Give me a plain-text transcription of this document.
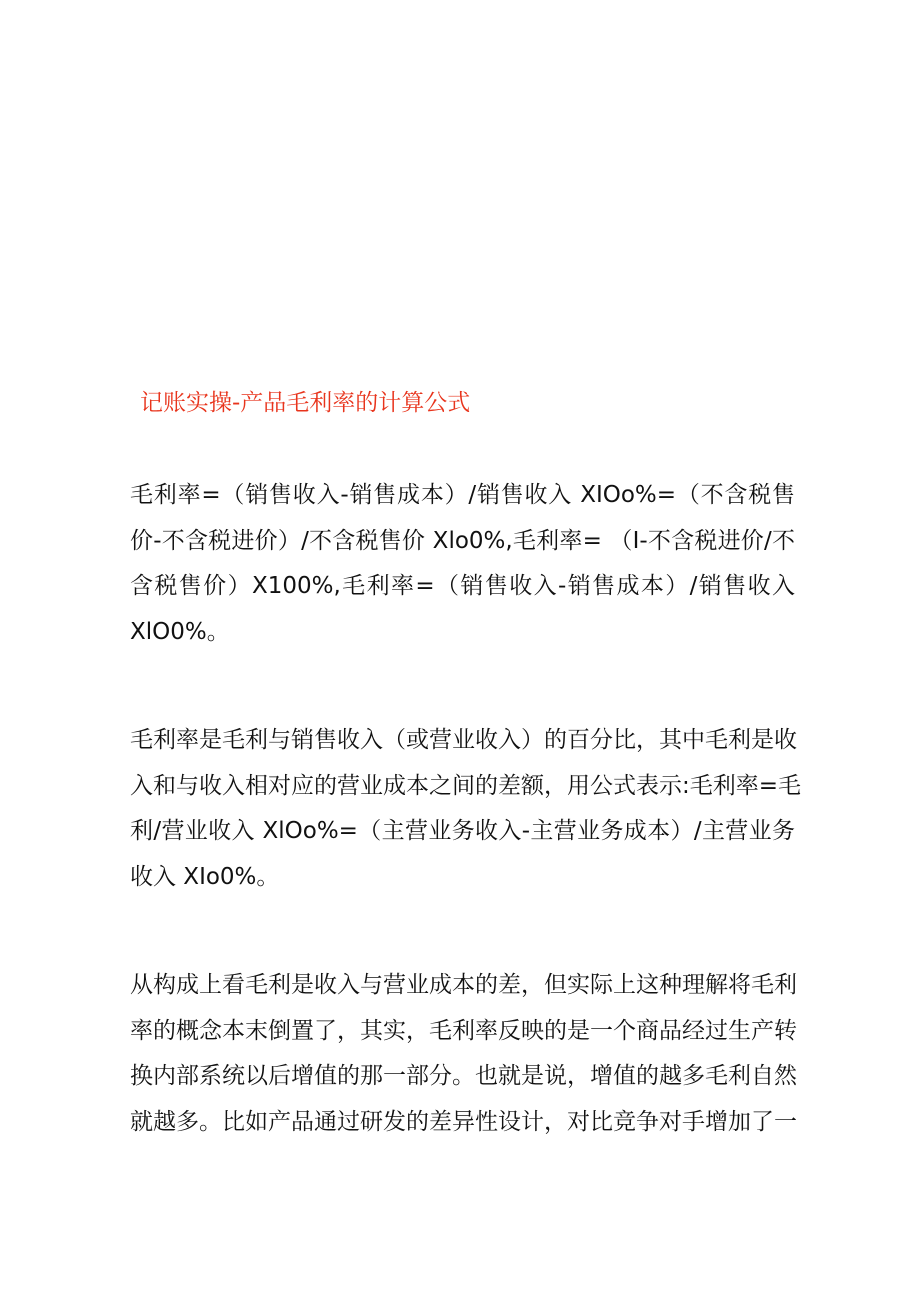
记账实操-产品毛利率的计算公式
毛利率=（销售收入-销售成本）/销售收入 XIOo%=（不含税售
价-不含税进价）/不含税售价 Xlo0%,毛利率= （I-不含税进价/不
含税售价）X100%,毛利率=（销售收入-销售成本）/销售收入
XlO0%。
毛利率是毛利与销售收入（或营业收入）的百分比，其中毛利是收
入和与收入相对应的营业成本之间的差额，用公式表示:毛利率=毛
利/营业收入 XlOo%=（主营业务收入-主营业务成本）/主营业务
收入 XIo0%。
从构成上看毛利是收入与营业成本的差，但实际上这种理解将毛利
率的概念本末倒置了，其实，毛利率反映的是一个商品经过生产转
换内部系统以后增值的那一部分。也就是说，增值的越多毛利自然
就越多。比如产品通过研发的差异性设计，对比竞争对手增加了一
